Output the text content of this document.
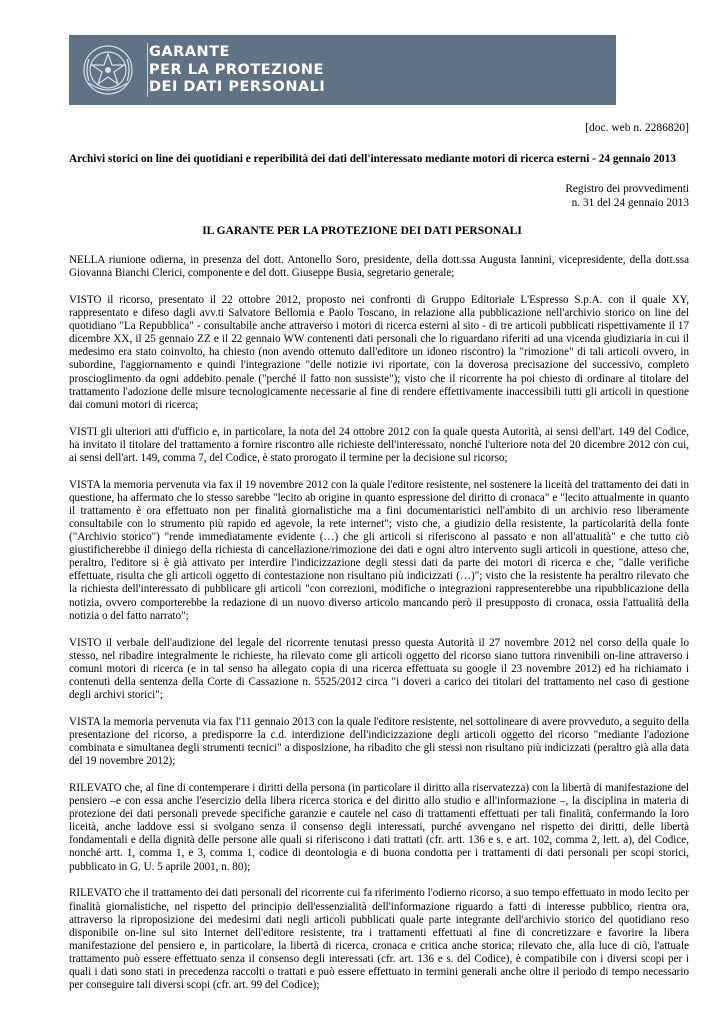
GARANTE
PER LA PROTEZIONE
DEI DATI PERSONALI
[doc. web n. 2286820]
Archivi storici on line dei quotidiani e reperibilità dei dati dell'interessato mediante motori di ricerca esterni - 24 gennaio 2013
Registro dei provvedimenti
n. 31 del 24 gennaio 2013
IL GARANTE PER LA PROTEZIONE DEI DATI PERSONALI

NELLA riunione odierna, in presenza del dott. Antonello Soro, presidente, della dott.ssa Augusta Iannini, vicepresidente, della dott.ssa Giovanna Bianchi Clerici, componente e del dott. Giuseppe Busia, segretario generale;

VISTO il ricorso, presentato il 22 ottobre 2012, proposto nei confronti di Gruppo Editoriale L'Espresso S.p.A. con il quale XY, rappresentato e difeso dagli avv.ti Salvatore Bellomia e Paolo Toscano, in relazione alla pubblicazione nell'archivio storico on line del quotidiano "La Repubblica" - consultabile anche attraverso i motori di ricerca esterni al sito - di tre articoli pubblicati rispettivamente il 17 dicembre XX, il 25 gennaio ZZ e il 22 gennaio WW contenenti dati personali che lo riguardano riferiti ad una vicenda giudiziaria in cui il medesimo era stato coinvolto, ha chiesto (non avendo ottenuto dall'editore un idoneo riscontro) la "rimozione" di tali articoli ovvero, in subordine, l'aggiornamento e quindi l'integrazione "delle notizie ivi riportate, con la doverosa precisazione del successivo, completo proscioglimento da ogni addebito penale ("perché il fatto non sussiste"); visto che il ricorrente ha poi chiesto di ordinare al titolare del trattamento l'adozione delle misure tecnologicamente necessarie al fine di rendere effettivamente inaccessibili tutti gli articoli in questione dai comuni motori di ricerca;

VISTI gli ulteriori atti d'ufficio e, in particolare, la nota del 24 ottobre 2012 con la quale questa Autorità, ai sensi dell'art. 149 del Codice, ha invitato il titolare del trattamento a fornire riscontro alle richieste dell'interessato, nonché l'ulteriore nota del 20 dicembre 2012 con cui, ai sensi dell'art. 149, comma 7, del Codice, è stato prorogato il termine per la decisione sul ricorso;

VISTA la memoria pervenuta via fax il 19 novembre 2012 con la quale l'editore resistente, nel sostenere la liceità del trattamento dei dati in questione, ha affermato che lo stesso sarebbe "lecito ab origine in quanto espressione del diritto di cronaca" e "lecito attualmente in quanto il trattamento è ora effettuato non per finalità giornalistiche ma a fini documentaristici nell'ambito di un archivio reso liberamente consultabile con lo strumento più rapido ed agevole, la rete internet"; visto che, a giudizio della resistente, la particolarità della fonte ("Archivio storico") "rende immediatamente evidente (…) che gli articoli si riferiscono al passato e non all'attualità" e che tutto ciò giustificherebbe il diniego della richiesta di cancellazione/rimozione dei dati e ogni altro intervento sugli articoli in questione, atteso che, peraltro, l'editore si è già attivato per interdire l'indicizzazione degli stessi dati da parte dei motori di ricerca e che, "dalle verifiche effettuate, risulta che gli articoli oggetto di contestazione non risultano più indicizzati (…)"; visto che la resistente ha peraltro rilevato che la richiesta dell'interessato di pubblicare gli articoli "con correzioni, modifiche o integrazioni rappresenterebbe una ripubblicazione della notizia, ovvero comporterebbe la redazione di un nuovo diverso articolo mancando però il presupposto di cronaca, ossia l'attualità della notizia o del fatto narrato";

VISTO il verbale dell'audizione del legale del ricorrente tenutasi presso questa Autorità il 27 novembre 2012 nel corso della quale lo stesso, nel ribadire integralmente le richieste, ha rilevato come gli articoli oggetto del ricorso siano tuttora rinvenibili on-line attraverso i comuni motori di ricerca (e in tal senso ha allegato copia di una ricerca effettuata su google il 23 novembre 2012) ed ha richiamato i contenuti della sentenza della Corte di Cassazione n. 5525/2012 circa "i doveri a carico dei titolari del trattamento nel caso di gestione degli archivi storici";

VISTA la memoria pervenuta via fax l'11 gennaio 2013 con la quale l'editore resistente, nel sottolineare di avere provveduto, a seguito della presentazione del ricorso, a predisporre la c.d. interdizione dell'indicizzazione degli articoli oggetto del ricorso "mediante l'adozione combinata e simultanea degli strumenti tecnici" a disposizione, ha ribadito che gli stessi non risultano più indicizzati (peraltro già alla data del 19 novembre 2012);

RILEVATO che, al fine di contemperare i diritti della persona (in particolare il diritto alla riservatezza) con la libertà di manifestazione del pensiero –e con essa anche l'esercizio della libera ricerca storica e del diritto allo studio e all'informazione –, la disciplina in materia di protezione dei dati personali prevede specifiche garanzie e cautele nel caso di trattamenti effettuati per tali finalità, confermando la loro liceità, anche laddove essi si svolgano senza il consenso degli interessati, purché avvengano nel rispetto dei diritti, delle libertà fondamentali e della dignità delle persone alle quali si riferiscono i dati trattati (cfr. artt. 136 e s. e art. 102, comma 2, lett. a), del Codice, nonché artt. 1, comma 1, e 3, comma 1, codice di deontologia e di buona condotta per i trattamenti di dati personali per scopi storici, pubblicato in G. U. 5 aprile 2001, n. 80);

RILEVATO che il trattamento dei dati personali del ricorrente cui fa riferimento l'odierno ricorso, a suo tempo effettuato in modo lecito per finalità giornalistiche, nel rispetto del principio dell'essenzialità dell'informazione riguardo a fatti di interesse pubblico, rientra ora, attraverso la riproposizione dei medesimi dati negli articoli pubblicati quale parte integrante dell'archivio storico del quotidiano reso disponibile on-line sul sito Internet dell'editore resistente, tra i trattamenti effettuati al fine di concretizzare e favorire la libera manifestazione del pensiero e, in particolare, la libertà di ricerca, cronaca e critica anche storica; rilevato che, alla luce di ciò, l'attuale trattamento può essere effettuato senza il consenso degli interessati (cfr. art. 136 e s. del Codice), è compatibile con i diversi scopi per i quali i dati sono stati in precedenza raccolti o trattati e può essere effettuato in termini generali anche oltre il periodo di tempo necessario per conseguire tali diversi scopi (cfr. art. 99 del Codice);
